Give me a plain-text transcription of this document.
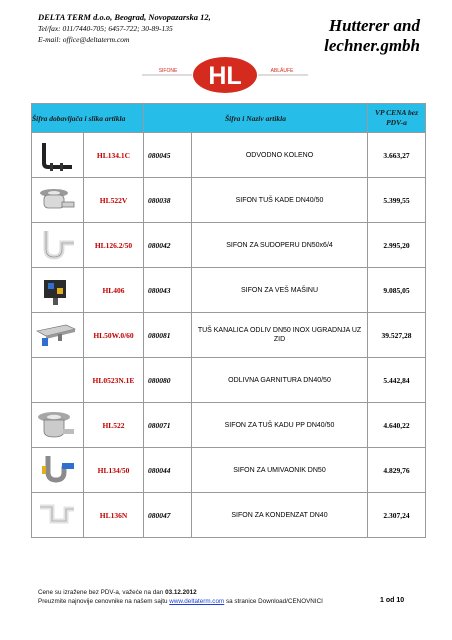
DELTA TERM d.o.o, Beograd, Novopazarska 12,
Tel/fax: 011/7440-705; 6457-722; 30-89-135
E-mail: office@deltaterm.com
Hutterer and lechner.gmbh
SIFONE	ABLÄUFE
HL
Šifra dobavljača i slika artikla		Šifra i Naziv artikla		VP CENA bez
PDV-a

	HL134.1C	080045	ODVODNO KOLENO	3.663,27

	HL522V	080038	SIFON TUŠ KADE DN40/50	5.399,55

	HL126.2/50	080042	SIFON ZA SUDOPERU DN50x6/4	2.995,20

	HL406	080043	SIFON ZA VEŠ MAŠINU	9.085,05

	HL50W.0/60	080081	TUŠ KANALICA ODLIV DN50 INOX UGRADNJA UZ ZID	39.527,28
	HL0523N.1E	080080	ODLIVNA GARNITURA DN40/50	5.442,84

	HL522	080071	SIFON ZA TUŠ KADU PP DN40/50	4.640,22

	HL134/50	080044	SIFON ZA UMIVAONIK DN50	4.829,76

	HL136N	080047	SIFON ZA KONDENZAT DN40	2.307,24
Cene su izražene bez PDV-a, važeće na dan 03.12.2012
Preuzmite najnovije cenovnike na našem sajtu www.deltaterm.com sa stranice Download/CENOVNICI	1 od 10
